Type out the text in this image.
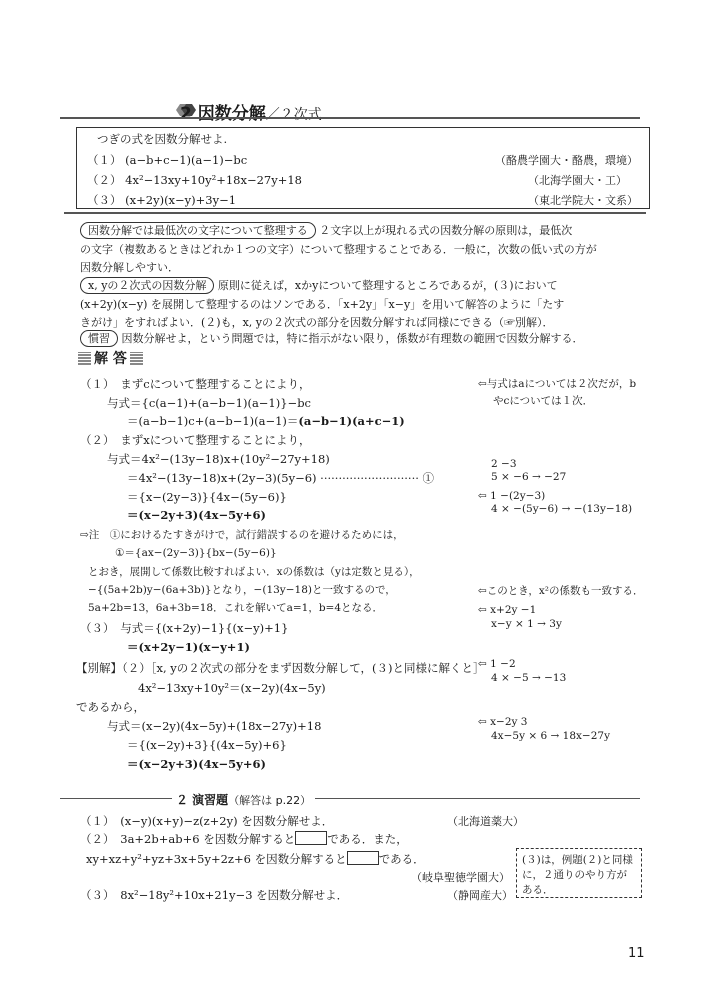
2 因数分解／２次式
つぎの式を因数分解せよ.
（１） (a−b+c−1)(a−1)−bc	（酪農学園大・酪農，環境）
（２） 4x²−13xy+10y²+18x−27y+18	（北海学園大・工）
（３） (x+2y)(x−y)+3y−1	（東北学院大・文系）
因数分解では最低次の文字について整理する ２文字以上が現れる式の因数分解の原則は，最低次
の文字（複数あるときはどれか１つの文字）について整理することである．一般に，次数の低い式の方が
因数分解しやすい．
x, yの２次式の因数分解 原則に従えば，xかyについて整理するところであるが，(３)において
(x+2y)(x−y) を展開して整理するのはソンである．「x+2y」「x−y」を用いて解答のように「たす
きがけ」をすればよい．(２)も，x, yの２次式の部分を因数分解すれば同様にできる（☞別解）．
慣習 因数分解せよ，という問題では，特に指示がない限り，係数が有理数の範囲で因数分解する．
解 答
（１）　まずcについて整理することにより，
与式＝{c(a−1)+(a−b−1)(a−1)}−bc
＝(a−b−1)c+(a−b−1)(a−1)＝(a−b−1)(a+c−1)
⇦与式はaについては２次だが，b
やcについては１次．
（２）　まずxについて整理することにより，
与式＝4x²−(13y−18)x+(10y²−27y+18)
＝4x²−(13y−18)x+(2y−3)(5y−6) ··························· ①
＝{x−(2y−3)}{4x−(5y−6)}
＝(x−2y+3)(4x−5y+6)
2 −3
5 × −6 → −27
⇦ 1 −(2y−3)
4 × −(5y−6) → −(13y−18)
⇨注　①におけるたすきがけで，試行錯誤するのを避けるためには，
①＝{ax−(2y−3)}{bx−(5y−6)}
とおき，展開して係数比較すればよい．xの係数は（yは定数と見る），
−{(5a+2b)y−(6a+3b)}となり，−(13y−18)と一致するので，
5a+2b=13，6a+3b=18．これを解いてa=1，b=4となる．
⇦このとき，x²の係数も一致する．
（３）　与式＝{(x+2y)−1}{(x−y)+1}
＝(x+2y−1)(x−y+1)
⇦ x+2y −1
x−y × 1 → 3y
【別解】（２）［x, yの２次式の部分をまず因数分解して，(３)と同様に解くと］
4x²−13xy+10y²＝(x−2y)(4x−5y)
であるから，
与式＝(x−2y)(4x−5y)+(18x−27y)+18
＝{(x−2y)+3}{(4x−5y)+6}
＝(x−2y+3)(4x−5y+6)
⇦ 1 −2
4 × −5 → −13
⇦ x−2y 3
4x−5y × 6 → 18x−27y
２ 演習題（解答は p.22）
（１）　(x−y)(x+y)−z(z+2y) を因数分解せよ．	（北海道薬大）
（２）　3a+2b+ab+6 を因数分解すると	である．また，
xy+xz+y²+yz+3x+5y+2z+6 を因数分解すると	である．
（岐阜聖徳学園大）
（３）　8x²−18y²+10x+21y−3 を因数分解せよ．	（静岡産大）
(３)は，例題(２)と同様に，２通りのやり方がある．
11
